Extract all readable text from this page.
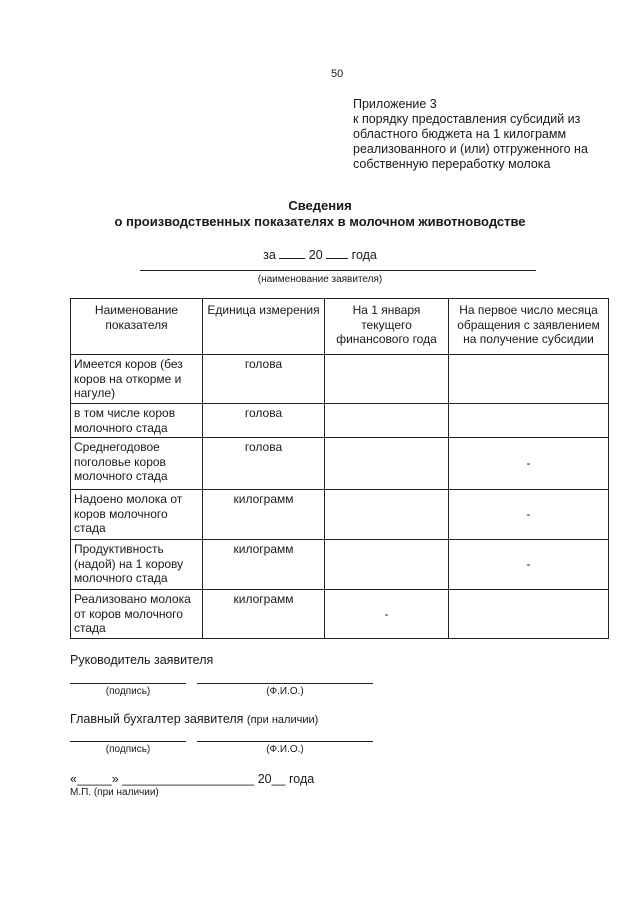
50
Приложение 3
к порядку предоставления субсидий из
областного бюджета на 1 килограмм
реализованного и (или) отгруженного на
собственную переработку молока
Сведения
о производственных показателях в молочном животноводстве
за	20 года
(наименование заявителя)
Наименование показателя	Единица измерения	На 1 января текущего финансового года	На первое число месяца обращения с заявлением на получение субсидии
Имеется коров (без коров на откорме и нагуле)	голова		
в том числе коров молочного стада	голова		
Среднегодовое поголовье коров молочного стада	голова		-
Надоено молока от коров молочного стада	килограмм		-
Продуктивность (надой) на 1 корову молочного стада	килограмм		-
Реализовано молока от коров молочного стада	килограмм	-	
Руководитель заявителя
(подпись)	(Ф.И.О.)
Главный бухгалтер заявителя (при наличии)
(подпись)	(Ф.И.О.)
«_____» ___________________ 20__ года
М.П. (при наличии)
